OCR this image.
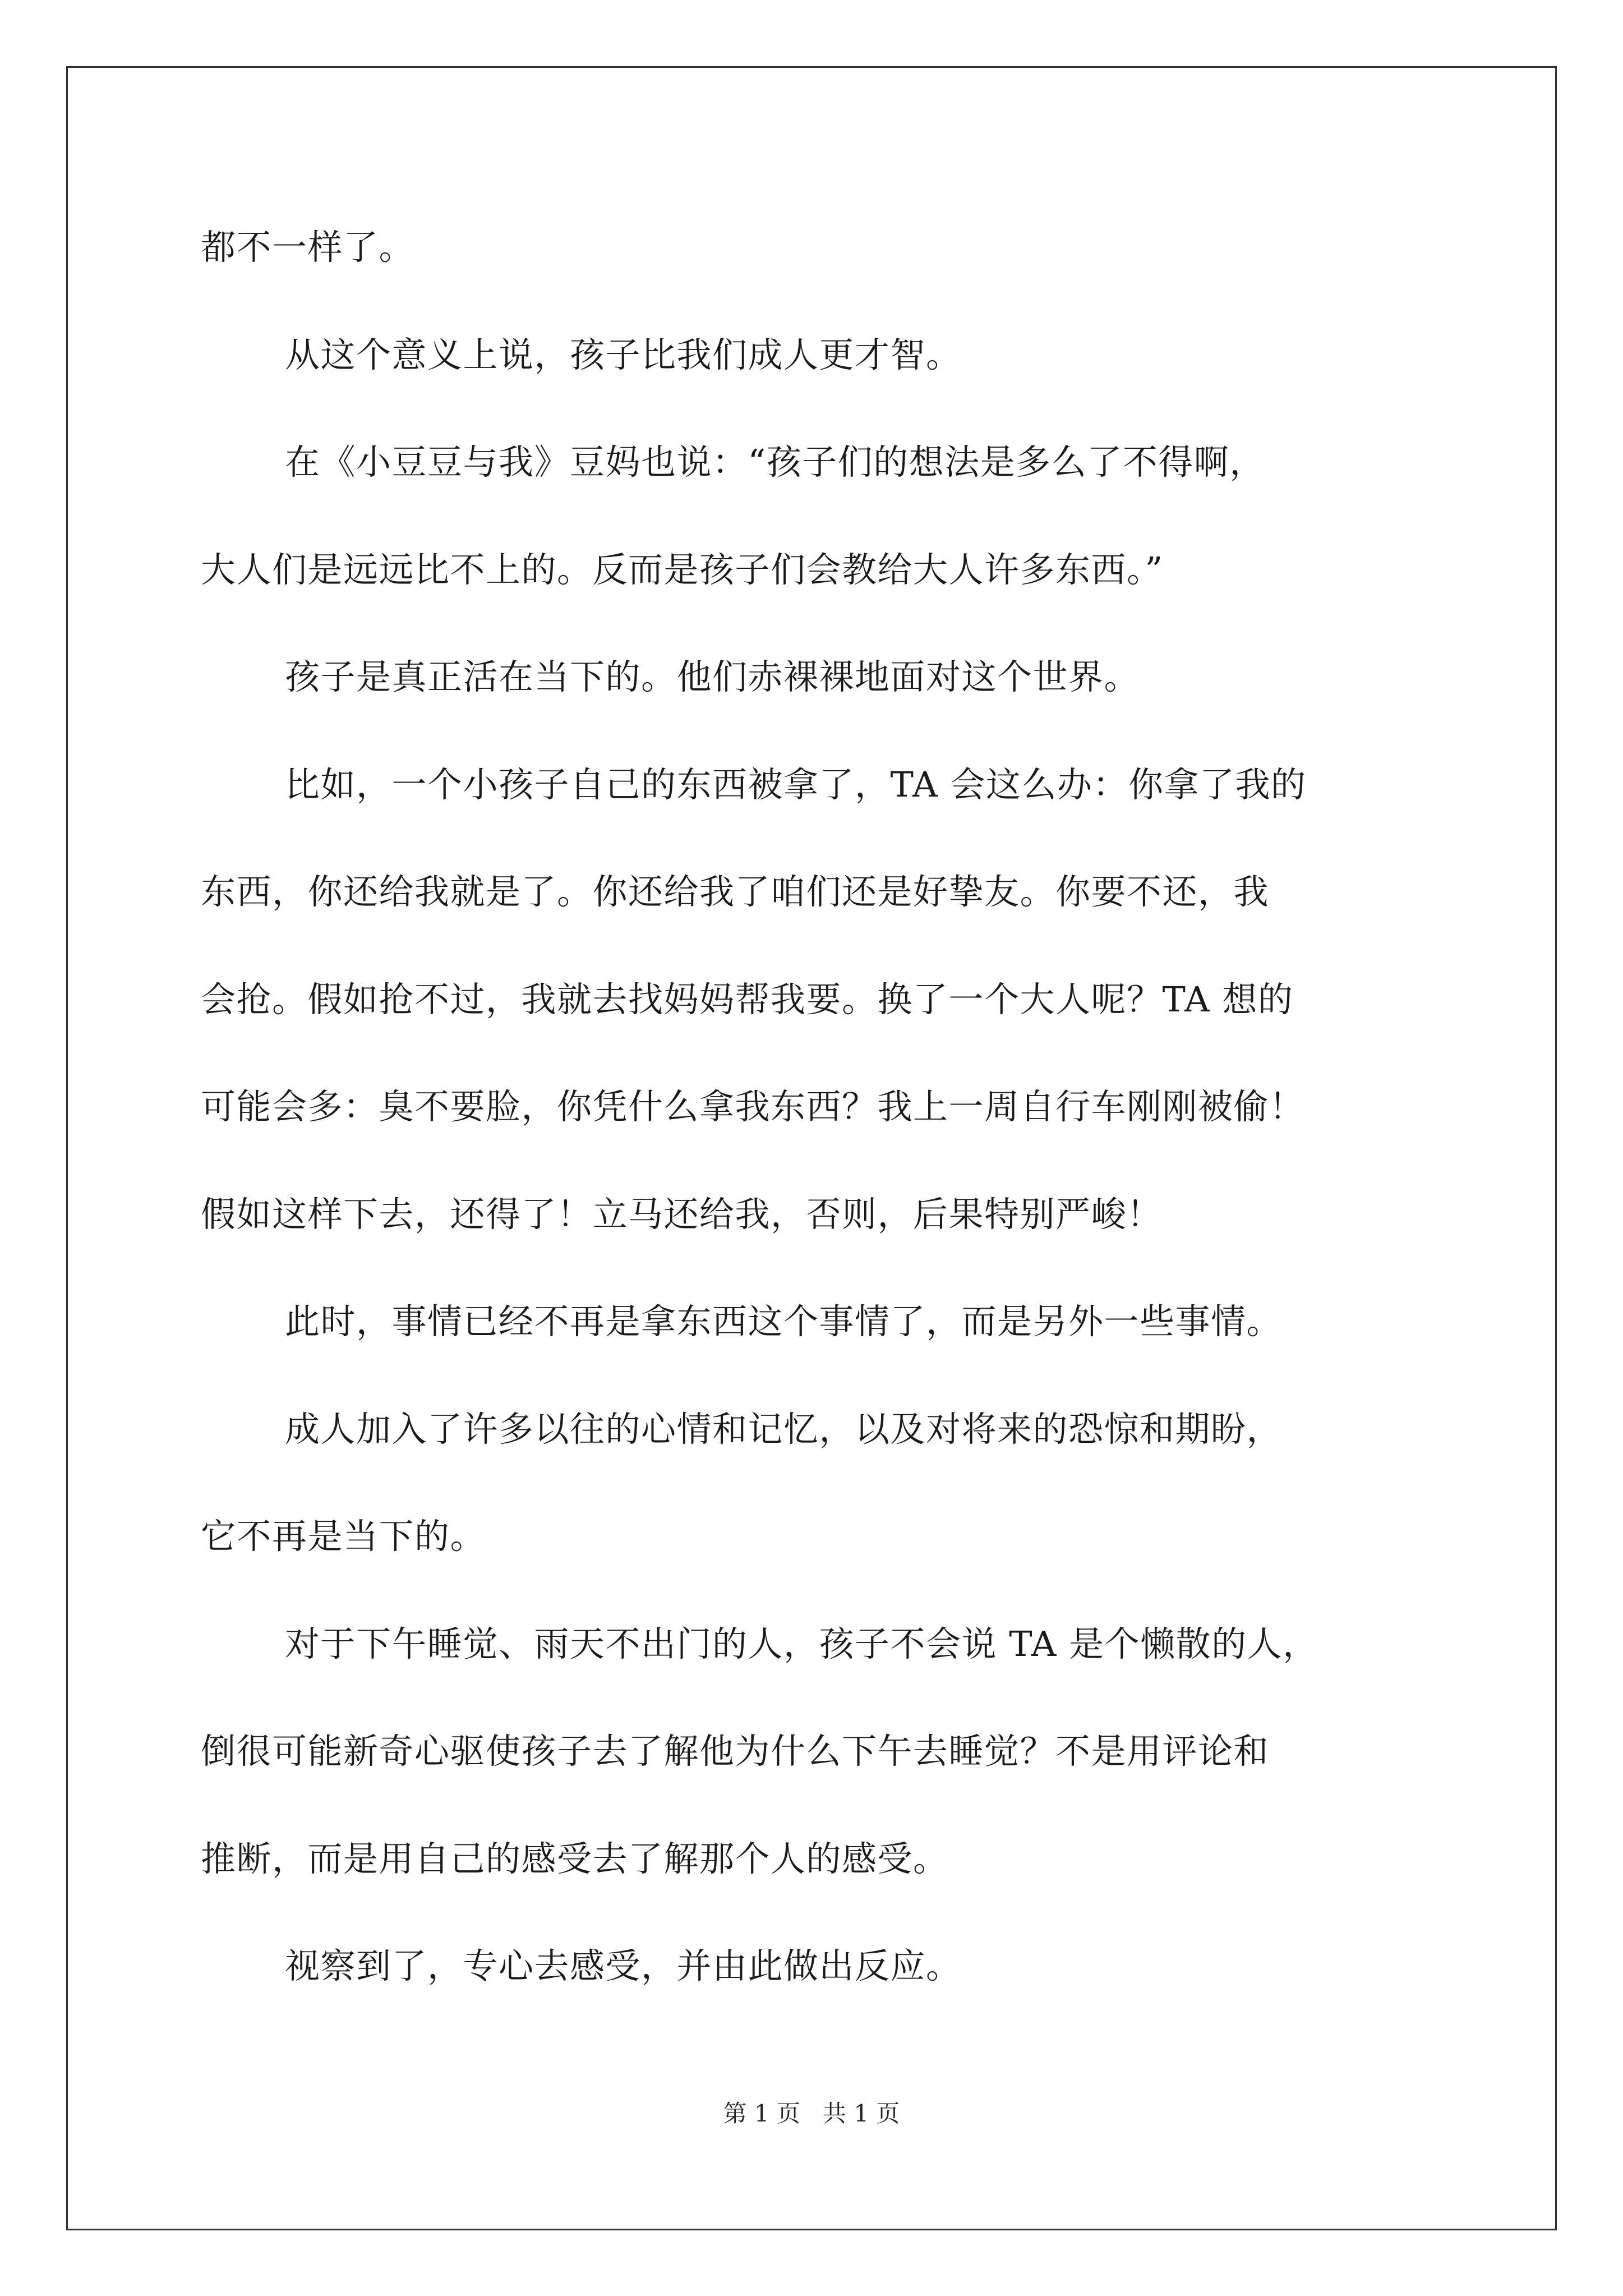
都不一样了。
从这个意义上说，孩子比我们成人更才智。
在《小豆豆与我》豆妈也说：“孩子们的想法是多么了不得啊，
大人们是远远比不上的。反而是孩子们会教给大人许多东西。”
孩子是真正活在当下的。他们赤裸裸地面对这个世界。
比如，一个小孩子自己的东西被拿了，TA 会这么办：你拿了我的
东西，你还给我就是了。你还给我了咱们还是好挚友。你要不还，我
会抢。假如抢不过，我就去找妈妈帮我要。换了一个大人呢？TA 想的
可能会多：臭不要脸，你凭什么拿我东西？我上一周自行车刚刚被偷！
假如这样下去，还得了！立马还给我，否则，后果特别严峻！
此时，事情已经不再是拿东西这个事情了，而是另外一些事情。
成人加入了许多以往的心情和记忆，以及对将来的恐惊和期盼，
它不再是当下的。
对于下午睡觉、雨天不出门的人，孩子不会说 TA 是个懒散的人，
倒很可能新奇心驱使孩子去了解他为什么下午去睡觉？不是用评论和
推断，而是用自己的感受去了解那个人的感受。
视察到了，专心去感受，并由此做出反应。
第 1 页 共 1 页
